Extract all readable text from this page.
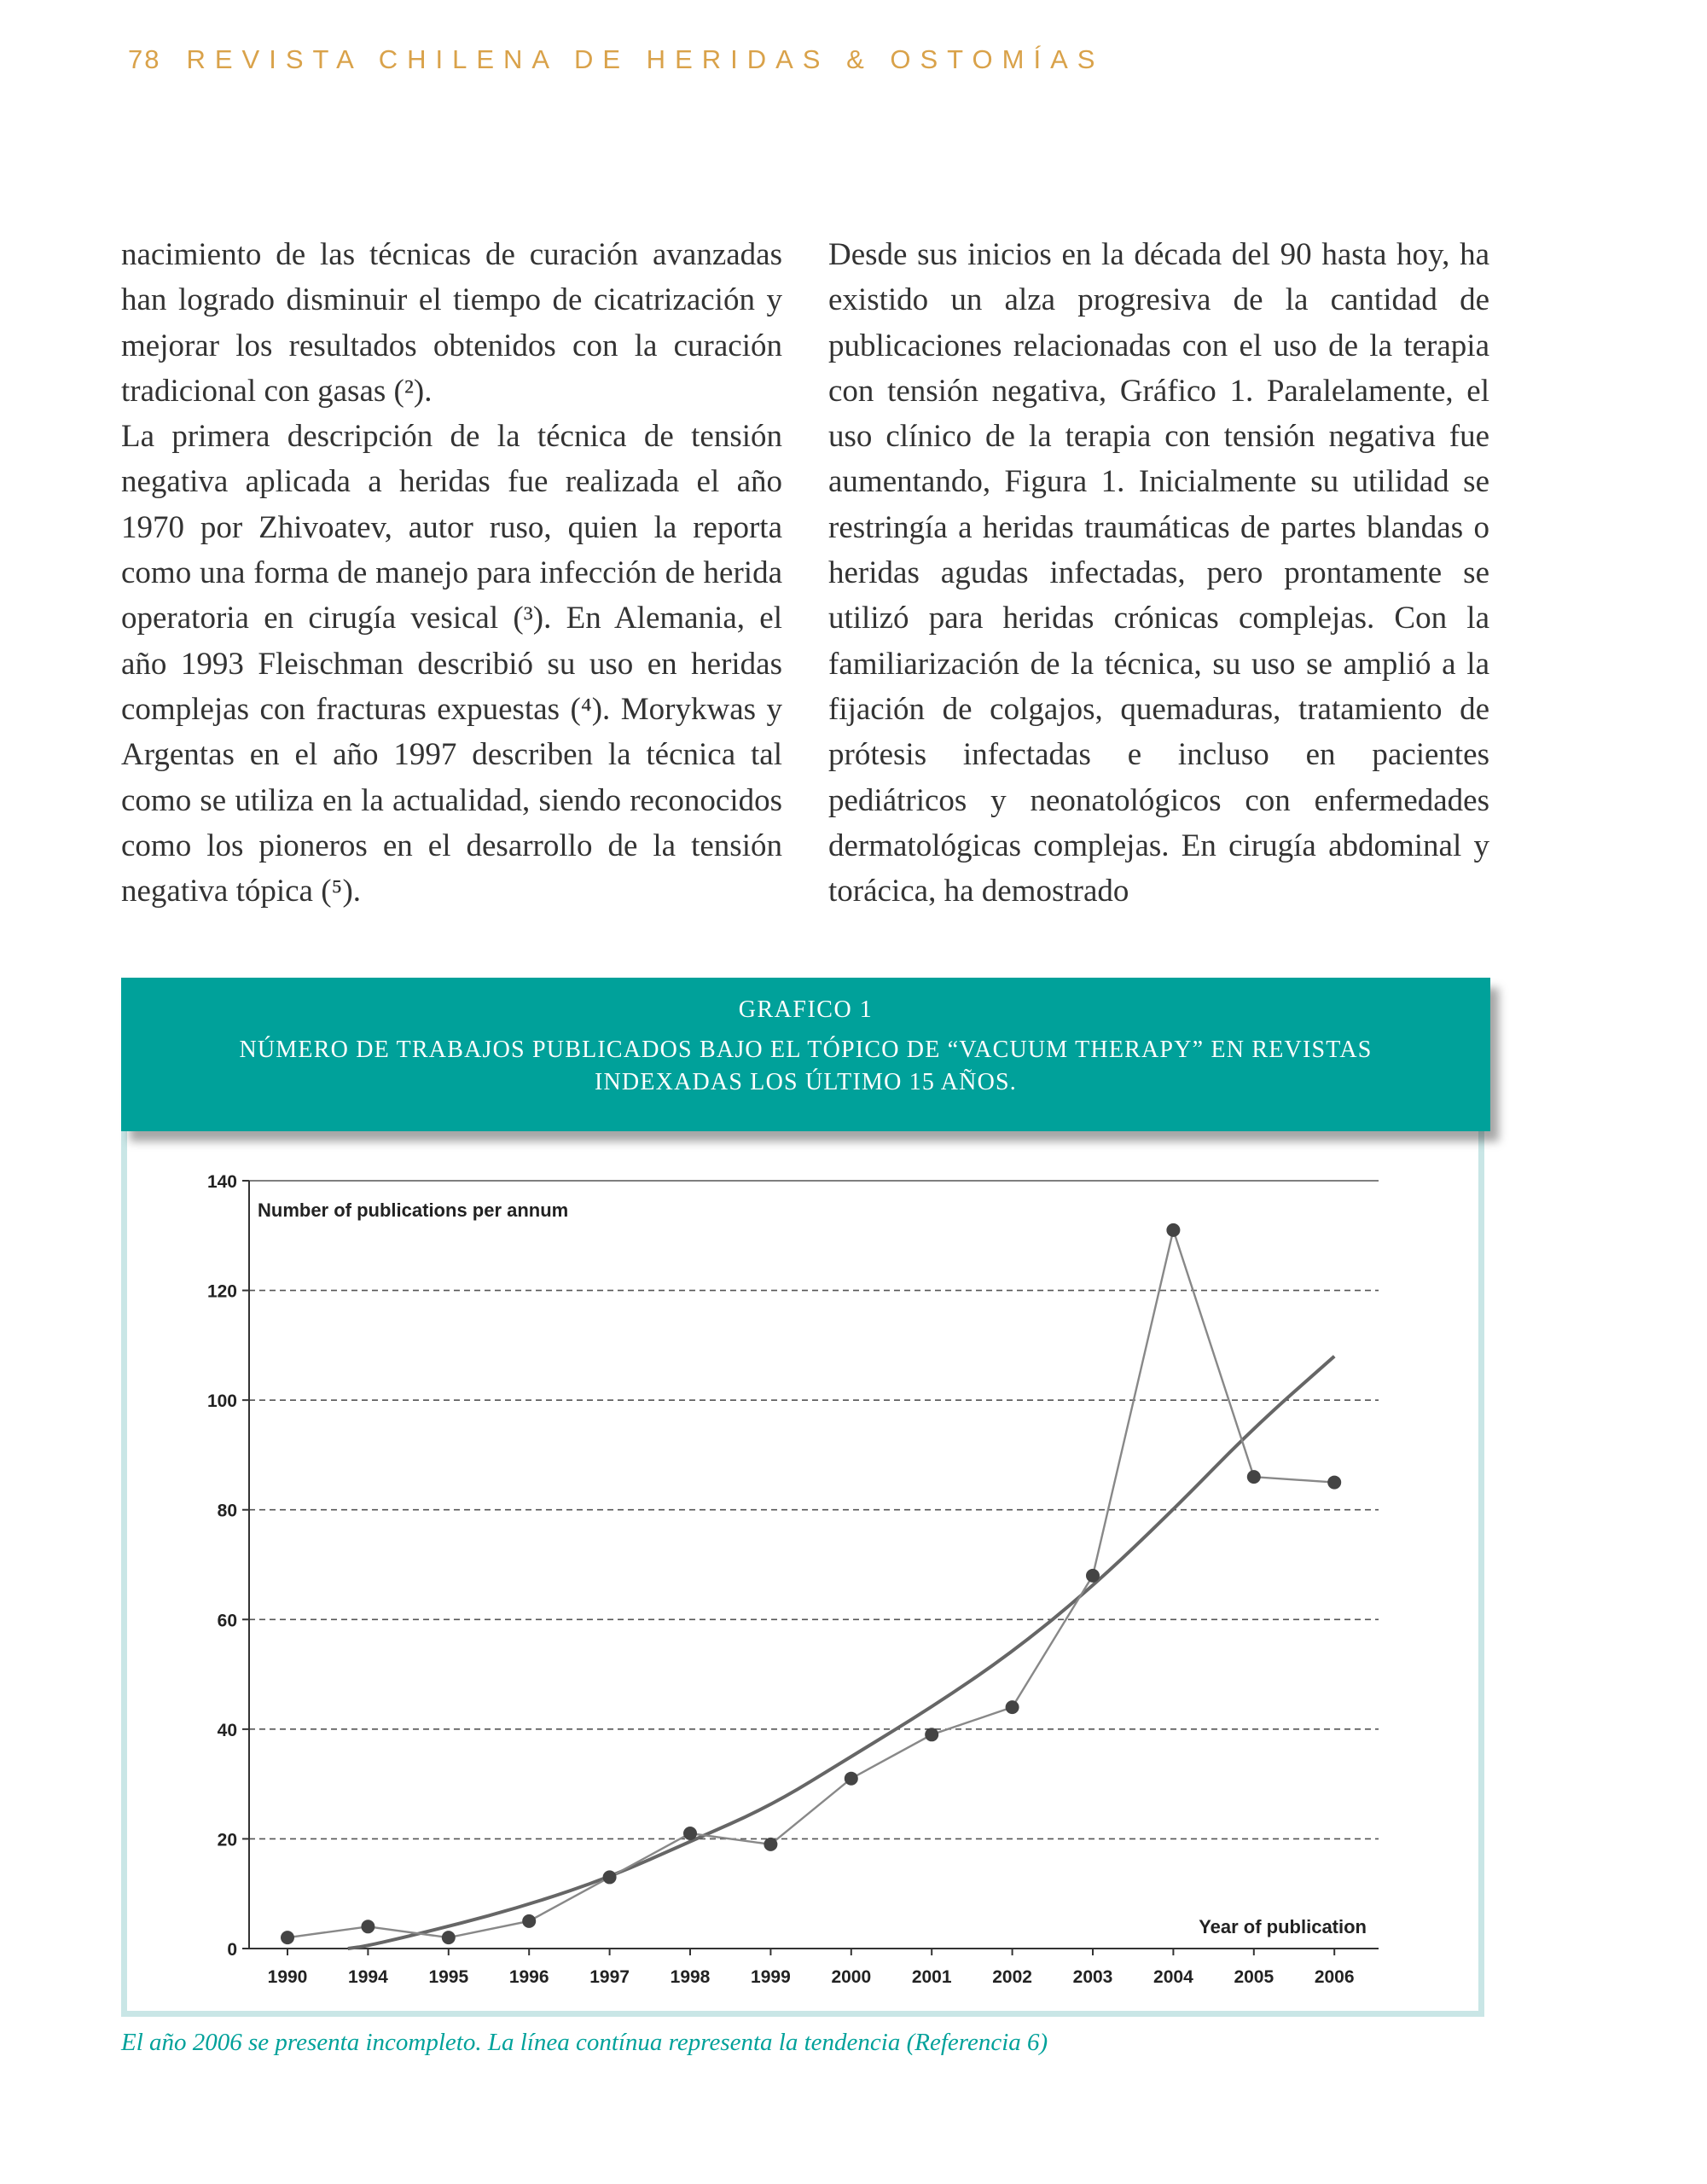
78 REVISTA CHILENA DE HERIDAS & OSTOMÍAS

nacimiento de las técnicas de curación avanzadas han logrado disminuir el tiempo de cicatrización y mejorar los resultados obtenidos con la curación tradicional con gasas (²).

La primera descripción de la técnica de tensión negativa aplicada a heridas fue realizada el año 1970 por Zhivoatev, autor ruso, quien la reporta como una forma de manejo para infección de herida operatoria en cirugía vesical (³). En Alemania, el año 1993 Fleischman describió su uso en heridas complejas con fracturas expuestas (⁴). Morykwas y Argentas en el año 1997 describen la técnica tal como se utiliza en la actualidad, siendo reconocidos como los pioneros en el desarrollo de la tensión negativa tópica (⁵).

Desde sus inicios en la década del 90 hasta hoy, ha existido un alza progresiva de la cantidad de publicaciones relacionadas con el uso de la terapia con tensión negativa, Gráfico 1. Paralelamente, el uso clínico de la terapia con tensión negativa fue aumentando, Figura 1. Inicialmente su utilidad se restringía a heridas traumáticas de partes blandas o heridas agudas infectadas, pero prontamente se utilizó para heridas crónicas complejas. Con la familiarización de la técnica, su uso se amplió a la fijación de colgajos, quemaduras, tratamiento de prótesis infectadas e incluso en pacientes pediátricos y neonatológicos con enfermedades dermatológicas complejas. En cirugía abdominal y torácica, ha demostrado

GRAFICO 1
NÚMERO DE TRABAJOS PUBLICADOS BAJO EL TÓPICO DE “VACUUM THERAPY” EN REVISTAS INDEXADAS LOS ÚLTIMO 15 AÑOS.
0
20
40
60
80
100
120
140
1990 1994 1995 1996 1997 1998 1999 2000 2001 2002 2003 2004 2005 2006
Number of publications per annum
Year of publication
El año 2006 se presenta incompleto. La línea contínua representa la tendencia (Referencia 6)
